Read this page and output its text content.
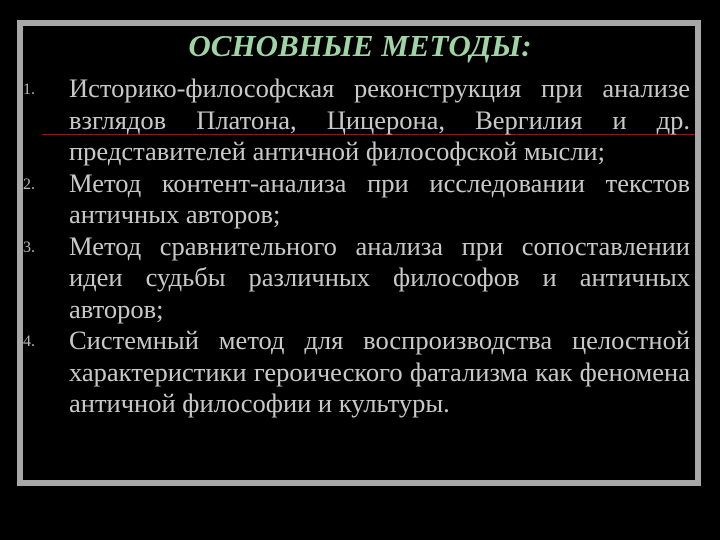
ОСНОВНЫЕ МЕТОДЫ:
1. Историко-философская реконструкция при анализе взглядов Платона, Цицерона, Вергилия и др. представителей античной философской мысли;
2. Метод контент-анализа при исследовании текстов античных авторов;
3. Метод сравнительного анализа при сопоставлении идеи судьбы различных философов и античных авторов;
4. Системный метод для воспроизводства целостной характеристики героического фатализма как феномена античной философии и культуры.
